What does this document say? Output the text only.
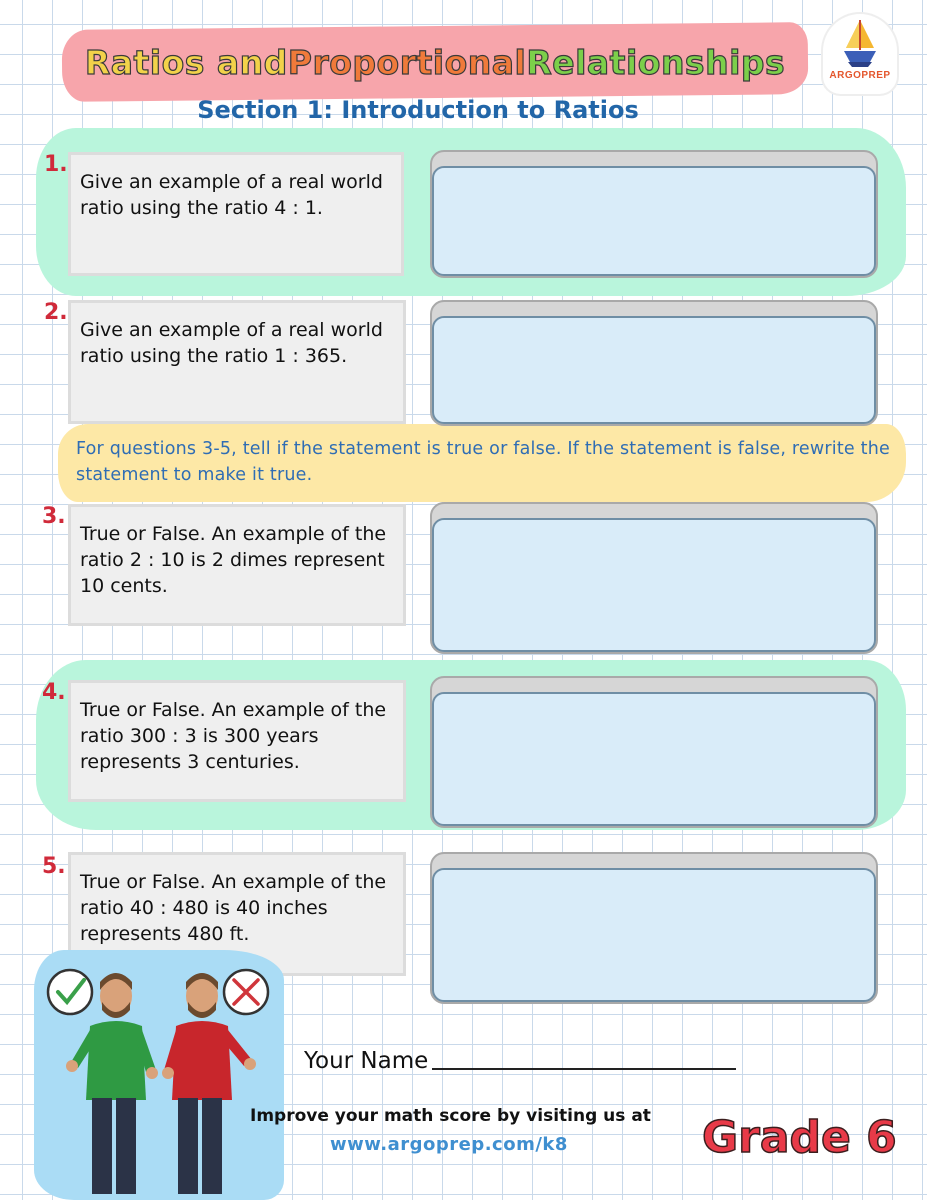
Ratios and Proportional Relationships	ARGOPREP
Section 1: Introduction to Ratios
1.
Give an example of a real world ratio using the ratio 4 : 1.
2.
Give an example of a real world ratio using the ratio 1 : 365.
For questions 3-5, tell if the statement is true or false. If the statement is false, rewrite the statement to make it true.
3.
True or False. An example of the ratio 2 : 10 is 2 dimes represent 10 cents.
4.
True or False. An example of the ratio 300 : 3 is 300 years represents 3 centuries.
5.
True or False. An example of the ratio 40 : 480 is 40 inches represents 480 ft.
Your Name
Improve your math score by visiting us at
www.argoprep.com/k8	Grade 6
